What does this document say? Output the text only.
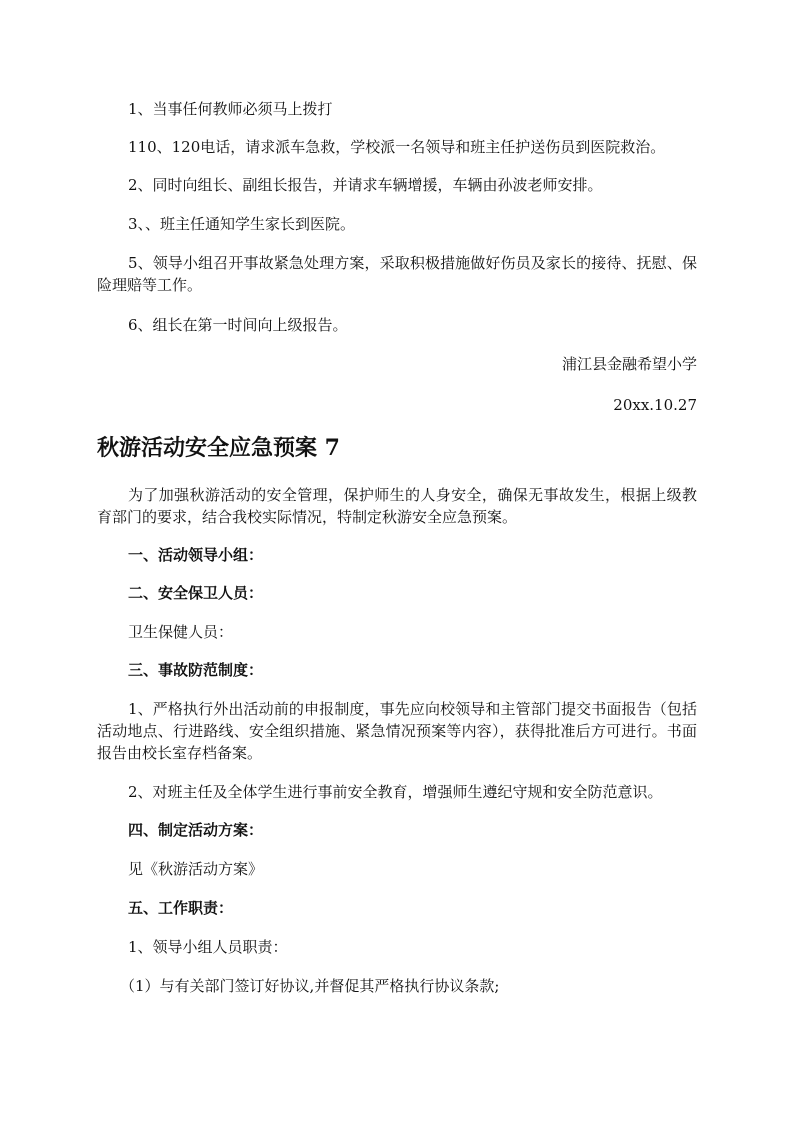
1、当事任何教师必须马上拨打
110、120电话，请求派车急救，学校派一名领导和班主任护送伤员到医院救治。
2、同时向组长、副组长报告，并请求车辆增援，车辆由孙波老师安排。
3、、班主任通知学生家长到医院。
5、领导小组召开事故紧急处理方案，采取积极措施做好伤员及家长的接待、抚慰、保险理赔等工作。
6、组长在第一时间向上级报告。
浦江县金融希望小学
20xx.10.27
秋游活动安全应急预案 7
为了加强秋游活动的安全管理，保护师生的人身安全，确保无事故发生，根据上级教育部门的要求，结合我校实际情况，特制定秋游安全应急预案。
一、活动领导小组：
二、安全保卫人员：
卫生保健人员：
三、事故防范制度：
1、严格执行外出活动前的申报制度，事先应向校领导和主管部门提交书面报告（包括活动地点、行进路线、安全组织措施、紧急情况预案等内容），获得批准后方可进行。书面报告由校长室存档备案。
2、对班主任及全体学生进行事前安全教育，增强师生遵纪守规和安全防范意识。
四、制定活动方案：
见《秋游活动方案》
五、工作职责：
1、领导小组人员职责：
（1）与有关部门签订好协议,并督促其严格执行协议条款;
